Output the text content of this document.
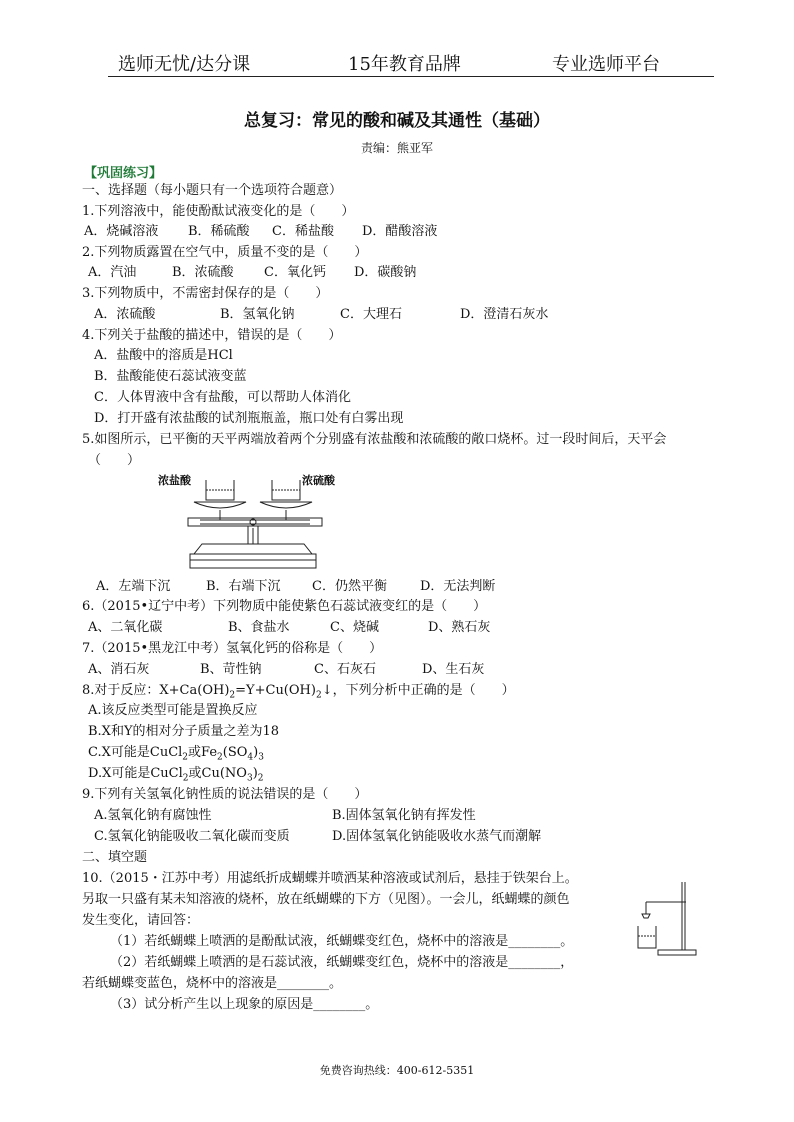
选师无忧/达分课	15年教育品牌	专业选师平台
总复习：常见的酸和碱及其通性（基础）
责编：熊亚军
【巩固练习】
一、选择题（每小题只有一个选项符合题意）
1.下列溶液中，能使酚酞试液变化的是（　　）
A．烧碱溶液 B．稀硫酸 C．稀盐酸 D．醋酸溶液
2.下列物质露置在空气中，质量不变的是（　　）
A．汽油	B．浓硫酸 C．氧化钙 D．碳酸钠
3.下列物质中，不需密封保存的是（　　）
A．浓硫酸	B．氢氧化钠	C．大理石	D．澄清石灰水
4.下列关于盐酸的描述中，错误的是（　　）
A．盐酸中的溶质是HCl
B．盐酸能使石蕊试液变蓝
C．人体胃液中含有盐酸，可以帮助人体消化
D．打开盛有浓盐酸的试剂瓶瓶盖，瓶口处有白雾出现
5.如图所示，已平衡的天平两端放着两个分别盛有浓盐酸和浓硫酸的敞口烧杯。过一段时间后，天平会
（　　）
浓盐酸	浓硫酸
A．左端下沉	B．右端下沉 C．仍然平衡	D．无法判断
6.（2015•辽宁中考）下列物质中能使紫色石蕊试液变红的是（　　）
A、二氧化碳	B、食盐水	C、烧碱	D、熟石灰
7.（2015•黑龙江中考）氢氧化钙的俗称是（　　）
A、消石灰	B、苛性钠	C、石灰石	D、生石灰
8.对于反应：$X+Ca(OH)_2=Y+Cu(OH)_2↓$，下列分析中正确的是（　　）
A.该反应类型可能是置换反应
B.X和Y的相对分子质量之差为18
C.X可能是CuCl$_2$或$Fe_2(SO_4)_3$
D.X可能是CuCl$_2$或$Cu(NO_3)_2$
9.下列有关氢氧化钠性质的说法错误的是（　　）
A.氢氧化钠有腐蚀性	B.固体氢氧化钠有挥发性
C.氢氧化钠能吸收二氧化碳而变质	D.固体氢氧化钠能吸收水蒸气而潮解
二、填空题
10.（2015・江苏中考）用滤纸折成蝴蝶并喷洒某种溶液或试剂后，悬挂于铁架台上。
另取一只盛有某未知溶液的烧杯，放在纸蝴蝶的下方（见图）。一会儿，纸蝴蝶的颜色
发生变化，请回答：
（1）若纸蝴蝶上喷洒的是酚酞试液，纸蝴蝶变红色，烧杯中的溶液是________。
（2）若纸蝴蝶上喷洒的是石蕊试液，纸蝴蝶变红色，烧杯中的溶液是________，
若纸蝴蝶变蓝色，烧杯中的溶液是________。
（3）试分析产生以上现象的原因是________。
免费咨询热线：400-612-5351
